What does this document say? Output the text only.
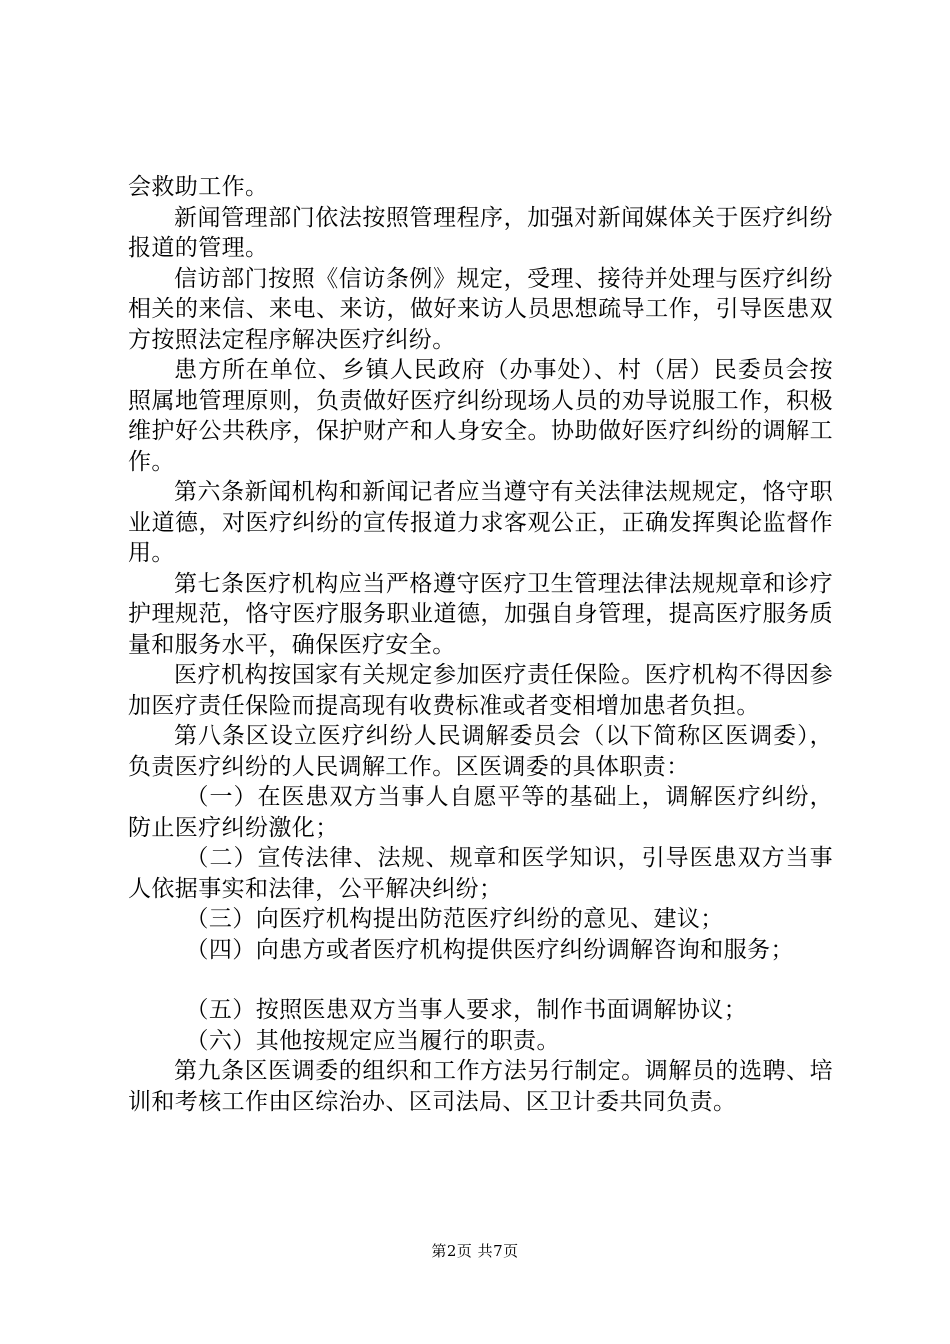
会救助工作。

新闻管理部门依法按照管理程序，加强对新闻媒体关于医疗纠纷报道的管理。

信访部门按照《信访条例》规定，受理、接待并处理与医疗纠纷相关的来信、来电、来访，做好来访人员思想疏导工作，引导医患双方按照法定程序解决医疗纠纷。

患方所在单位、乡镇人民政府（办事处）、村（居）民委员会按照属地管理原则，负责做好医疗纠纷现场人员的劝导说服工作，积极维护好公共秩序，保护财产和人身安全。协助做好医疗纠纷的调解工作。

第六条新闻机构和新闻记者应当遵守有关法律法规规定，恪守职业道德，对医疗纠纷的宣传报道力求客观公正，正确发挥舆论监督作用。

第七条医疗机构应当严格遵守医疗卫生管理法律法规规章和诊疗护理规范，恪守医疗服务职业道德，加强自身管理，提高医疗服务质量和服务水平，确保医疗安全。

医疗机构按国家有关规定参加医疗责任保险。医疗机构不得因参加医疗责任保险而提高现有收费标准或者变相增加患者负担。

第八条区设立医疗纠纷人民调解委员会（以下简称区医调委），负责医疗纠纷的人民调解工作。区医调委的具体职责：

（一）在医患双方当事人自愿平等的基础上，调解医疗纠纷，防止医疗纠纷激化；

（二）宣传法律、法规、规章和医学知识，引导医患双方当事人依据事实和法律，公平解决纠纷；

（三）向医疗机构提出防范医疗纠纷的意见、建议；

（四）向患方或者医疗机构提供医疗纠纷调解咨询和服务；

（五）按照医患双方当事人要求，制作书面调解协议；

（六）其他按规定应当履行的职责。

第九条区医调委的组织和工作方法另行制定。调解员的选聘、培训和考核工作由区综治办、区司法局、区卫计委共同负责。

第2页 共7页
